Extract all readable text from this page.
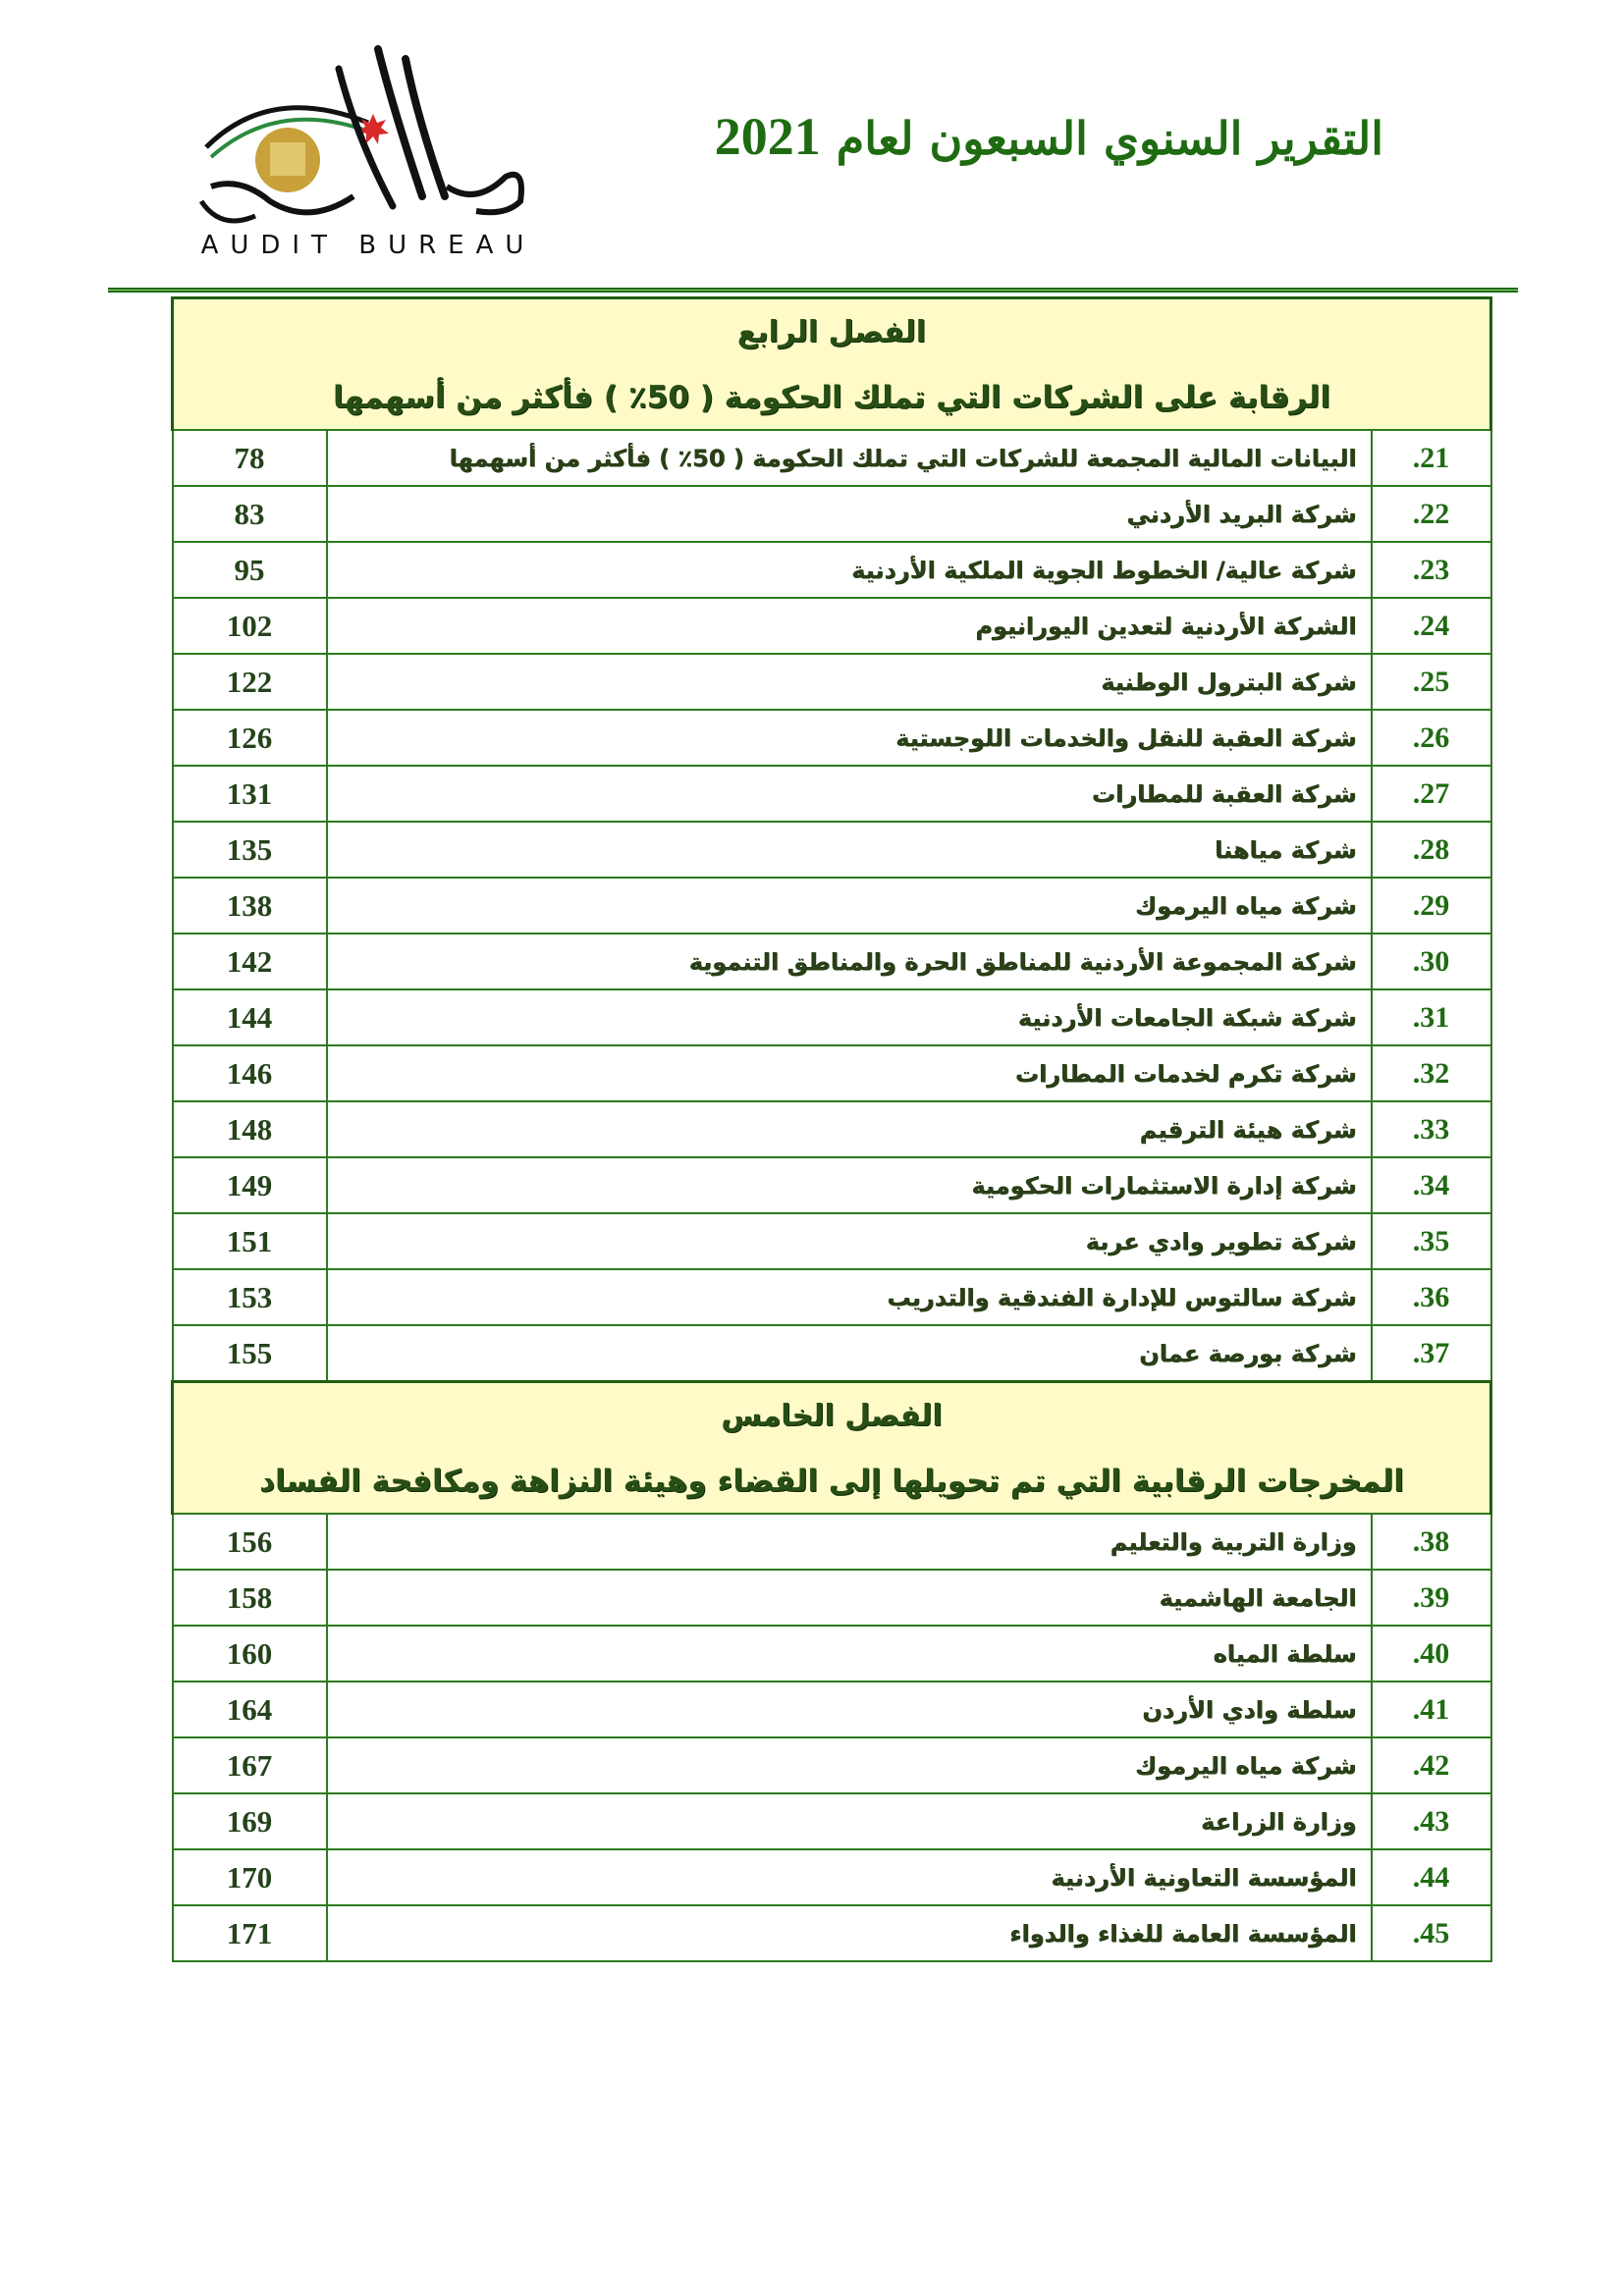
AUDIT BUREAU
التقرير السنوي السبعون لعام 2021
الفصل الرابع
الرقابة على الشركات التي تملك الحكومة ( 50٪ ) فأكثر من أسهمها		

21.	البيانات المالية المجمعة للشركات التي تملك الحكومة ( 50٪ ) فأكثر من أسهمها	78
22.	شركة البريد الأردني	83
23.	شركة عالية/ الخطوط الجوية الملكية الأردنية	95
24.	الشركة الأردنية لتعدين اليورانيوم	102
25.	شركة البترول الوطنية	122
26.	شركة العقبة للنقل والخدمات اللوجستية	126
27.	شركة العقبة للمطارات	131
28.	شركة مياهنا	135
29.	شركة مياه اليرموك	138
30.	شركة المجموعة الأردنية للمناطق الحرة والمناطق التنموية	142
31.	شركة شبكة الجامعات الأردنية	144
32.	شركة تكرم لخدمات المطارات	146
33.	شركة هيئة الترقيم	148
34.	شركة إدارة الاستثمارات الحكومية	149
35.	شركة تطوير وادي عربة	151
36.	شركة سالتوس للإدارة الفندقية والتدريب	153
37.	شركة بورصة عمان	155

الفصل الخامس
المخرجات الرقابية التي تم تحويلها إلى القضاء وهيئة النزاهة ومكافحة الفساد		

38.	وزارة التربية والتعليم	156
39.	الجامعة الهاشمية	158
40.	سلطة المياه	160
41.	سلطة وادي الأردن	164
42.	شركة مياه اليرموك	167
43.	وزارة الزراعة	169
44.	المؤسسة التعاونية الأردنية	170
45.	المؤسسة العامة للغذاء والدواء	171
